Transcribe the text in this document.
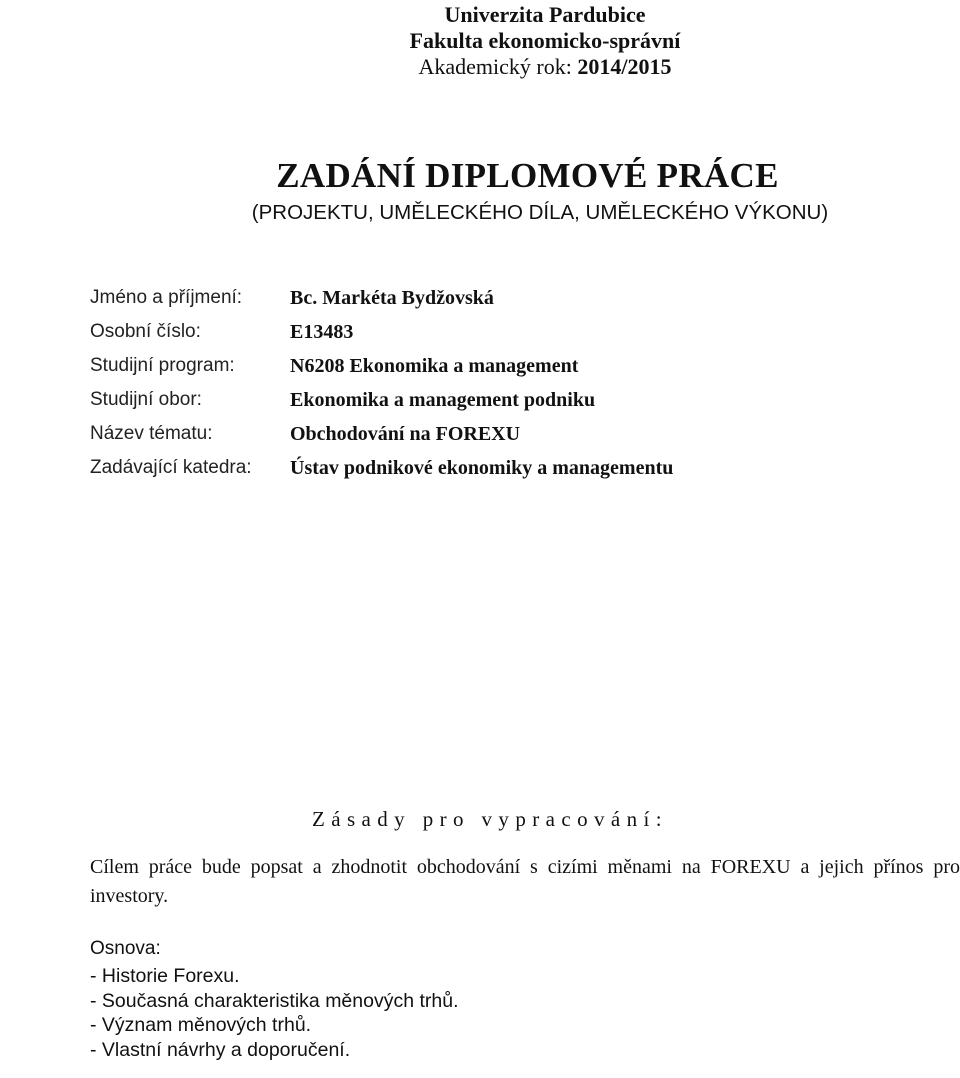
Univerzita Pardubice
Fakulta ekonomicko-správní
Akademický rok: 2014/2015
ZADÁNÍ DIPLOMOVÉ PRÁCE
(PROJEKTU, UMĚLECKÉHO DÍLA, UMĚLECKÉHO VÝKONU)
Jméno a příjmení: Bc. Markéta Bydžovská
Osobní číslo:	E13483
Studijní program:	N6208 Ekonomika a management
Studijní obor:	Ekonomika a management podniku
Název tématu:	Obchodování na FOREXU
Zadávající katedra: Ústav podnikové ekonomiky a managementu
Zásady pro vypracování:
Cílem práce bude popsat a zhodnotit obchodování s cizími měnami na FOREXU a jejich přínos pro investory.
Osnova:
- Historie Forexu.
- Současná charakteristika měnových trhů.
- Význam měnových trhů.
- Vlastní návrhy a doporučení.
